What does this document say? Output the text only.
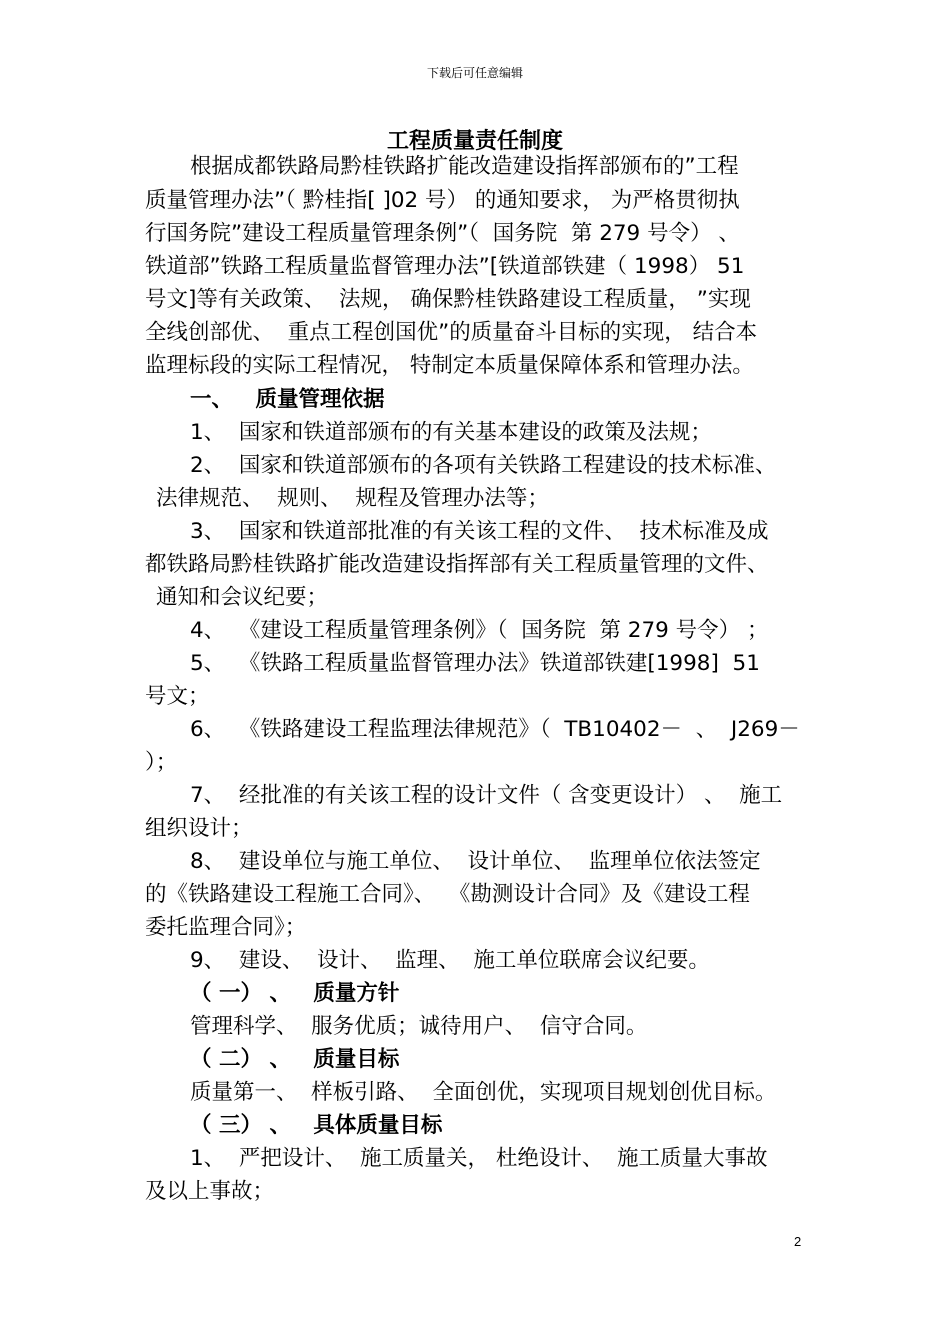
下载后可任意编辑
工程质量责任制度
根据成都铁路局黔桂铁路扩能改造建设指挥部颁布的”工程
质量管理办法”（ 黔桂指[ ]02 号） 的通知要求， 为严格贯彻执
行国务院”建设工程质量管理条例”（  国务院  第 279 号令） 、
铁道部”铁路工程质量监督管理办法”[铁道部铁建（ 1998） 51
号文]等有关政策、  法规， 确保黔桂铁路建设工程质量， ”实现
全线创部优、  重点工程创国优”的质量奋斗目标的实现， 结合本
监理标段的实际工程情况， 特制定本质量保障体系和管理办法。
一、   质量管理依据
1、  国家和铁道部颁布的有关基本建设的政策及法规；
2、  国家和铁道部颁布的各项有关铁路工程建设的技术标准、
法律规范、  规则、  规程及管理办法等；
3、  国家和铁道部批准的有关该工程的文件、  技术标准及成
都铁路局黔桂铁路扩能改造建设指挥部有关工程质量管理的文件、
通知和会议纪要；
4、  《建设工程质量管理条例》（  国务院  第 279 号令） ；
5、  《铁路工程质量监督管理办法》铁道部铁建[1998]  51
号文；
6、  《铁路建设工程监理法律规范》（  TB10402－  、  J269－
）；
7、  经批准的有关该工程的设计文件（ 含变更设计） 、  施工
组织设计；
8、  建设单位与施工单位、  设计单位、  监理单位依法签定
的《铁路建设工程施工合同》、  《勘测设计合同》及《建设工程
委托监理合同》；
9、  建设、  设计、  监理、  施工单位联席会议纪要。
（ 一） 、   质量方针
管理科学、  服务优质；诚待用户、  信守合同。
（ 二） 、   质量目标
质量第一、  样板引路、  全面创优，实现项目规划创优目标。
（ 三） 、   具体质量目标
1、  严把设计、  施工质量关， 杜绝设计、  施工质量大事故
及以上事故；
2
